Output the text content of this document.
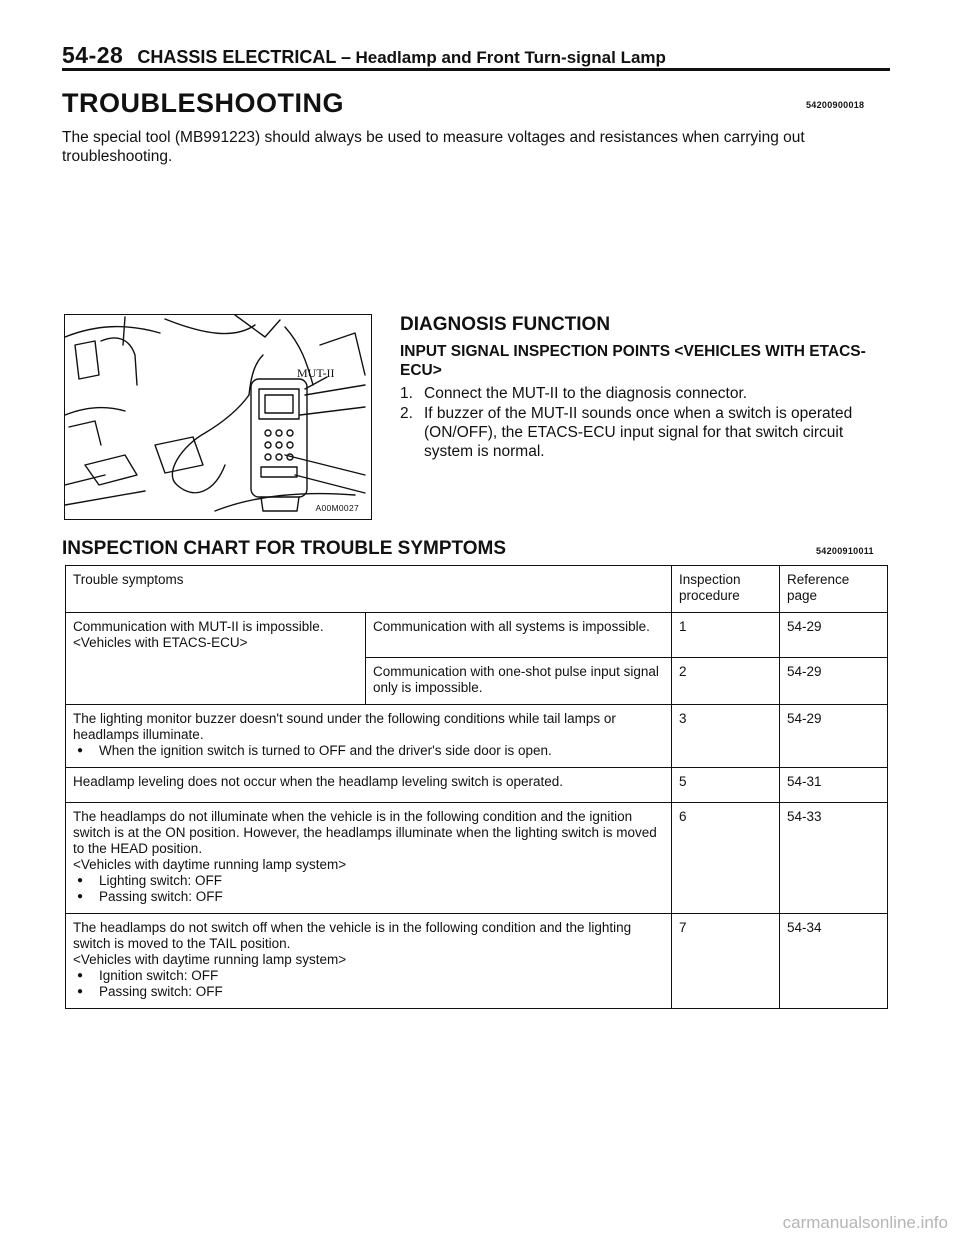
54-28 CHASSIS ELECTRICAL – Headlamp and Front Turn-signal Lamp
TROUBLESHOOTING	54200900018
The special tool (MB991223) should always be used to measure voltages and resistances when carrying out troubleshooting.
MUT-II
A00M0027
DIAGNOSIS FUNCTION
INPUT SIGNAL INSPECTION POINTS <VEHICLES WITH ETACS-ECU>
1. Connect the MUT-II to the diagnosis connector.
2. If buzzer of the MUT-II sounds once when a switch is operated (ON/OFF), the ETACS-ECU input signal for that switch circuit system is normal.
INSPECTION CHART FOR TROUBLE SYMPTOMS	54200910011
Trouble symptoms		Inspection procedure	Reference page
Communication with MUT-II is impossible. <Vehicles with ETACS-ECU>	Communication with all systems is impossible.	1	54-29
	Communication with one-shot pulse input signal only is impossible.	2	54-29

The lighting monitor buzzer doesn't sound under the following conditions while tail lamps or headlamps illuminate.
● When the ignition switch is turned to OFF and the driver's side door is open.		3	54-29
Headlamp leveling does not occur when the headlamp leveling switch is operated.		5	54-31

The headlamps do not illuminate when the vehicle is in the following condition and the ignition switch is at the ON position. However, the headlamps illuminate when the lighting switch is moved to the HEAD position.
<Vehicles with daytime running lamp system>
● Lighting switch: OFF
● Passing switch: OFF		6	54-33

The headlamps do not switch off when the vehicle is in the following condition and the lighting switch is moved to the TAIL position.
<Vehicles with daytime running lamp system>
● Ignition switch: OFF
● Passing switch: OFF		7	54-34
carmanualsonline.info
